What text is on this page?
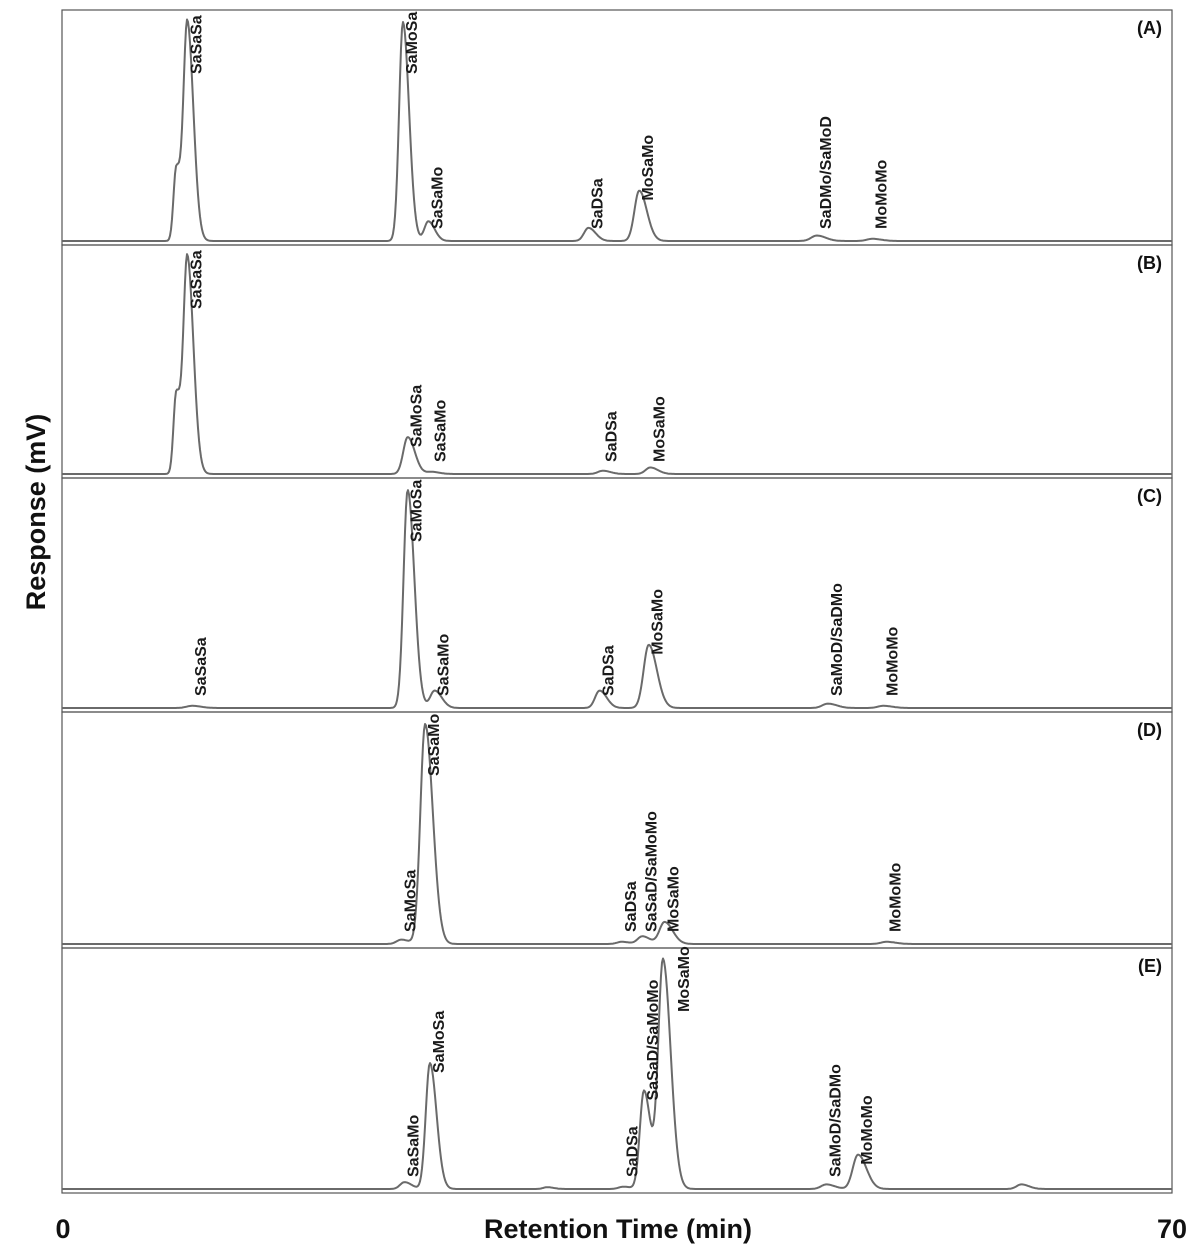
(A)
SaSaSa	SaMoSa
SaSaMo	SaDSa
MoSaMo	SaDMo/SaMoD MoMoMo
(B)
SaSaSa
SaMoSa SaSaMo	SaDSa MoSaMo
(C)
SaSaSa
SaMoSa
SaSaMo	SaDSa
MoSaMo	SaMoD/SaDMo MoMoMo
(D)
SaMoSa
SaSaMo
SaDSa SaSaD/SaMoMo MoSaMo	MoMoMo
(E)
SaSaMo
SaMoSa
SaDSa
SaSaD/SaMoMo
MoSaMo
SaMoD/SaDMo MoMoMo
Response (mV)
Retention Time (min)
0	70
